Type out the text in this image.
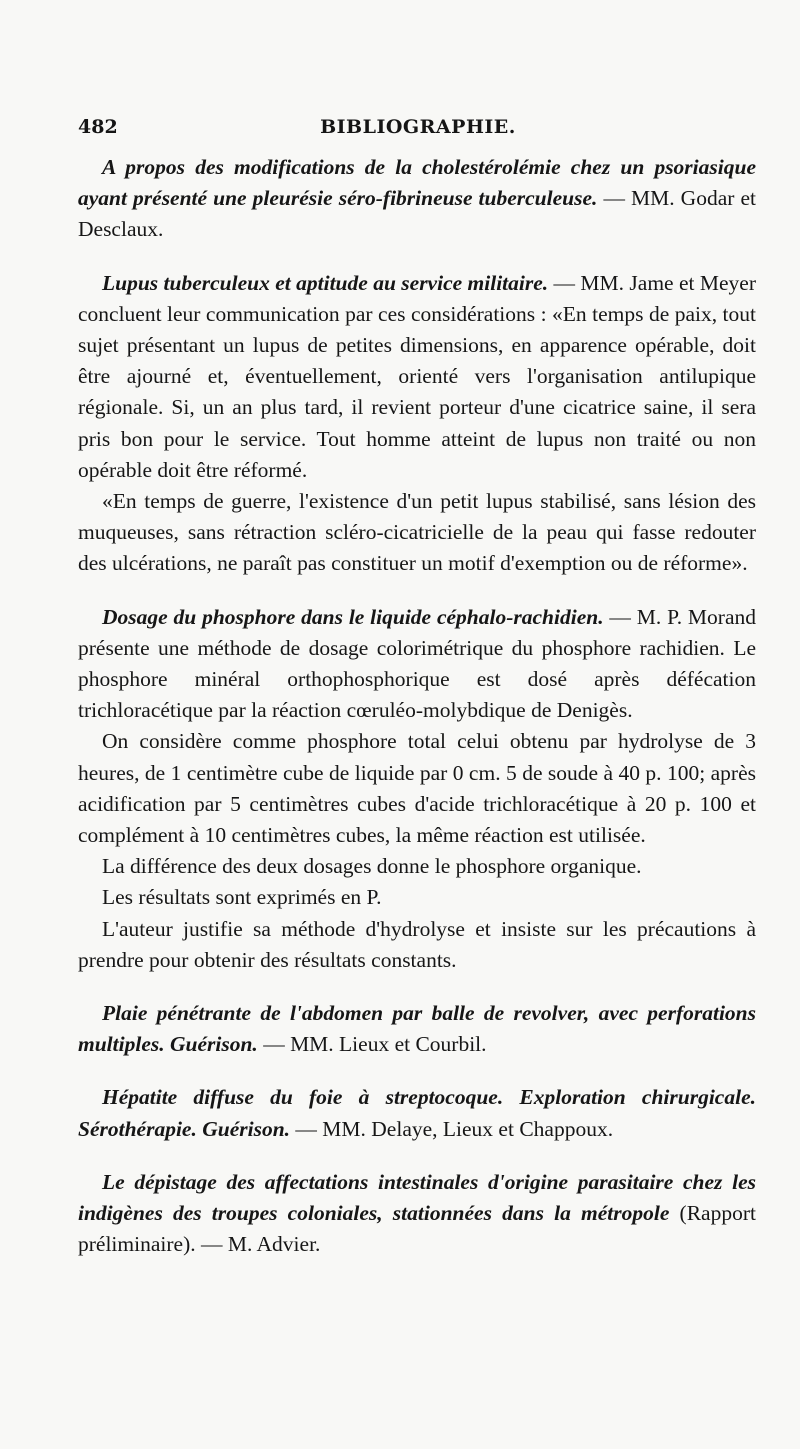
482	BIBLIOGRAPHIE.

A propos des modifications de la cholestérolémie chez un psoriasique ayant présenté une pleurésie séro-fibrineuse tuberculeuse. — MM. Godar et Desclaux.

Lupus tuberculeux et aptitude au service militaire. — MM. Jame et Meyer concluent leur communication par ces considérations : «En temps de paix, tout sujet présentant un lupus de petites dimensions, en apparence opérable, doit être ajourné et, éventuellement, orienté vers l'organisation antilupique régionale. Si, un an plus tard, il revient porteur d'une cicatrice saine, il sera pris bon pour le service. Tout homme atteint de lupus non traité ou non opérable doit être réformé.

«En temps de guerre, l'existence d'un petit lupus stabilisé, sans lésion des muqueuses, sans rétraction scléro-cicatricielle de la peau qui fasse redouter des ulcérations, ne paraît pas constituer un motif d'exemption ou de réforme».

Dosage du phosphore dans le liquide céphalo-rachidien. — M. P. Morand présente une méthode de dosage colorimétrique du phosphore rachidien. Le phosphore minéral orthophosphorique est dosé après défécation trichloracétique par la réaction cœruléo-molybdique de Denigès.

On considère comme phosphore total celui obtenu par hydrolyse de 3 heures, de 1 centimètre cube de liquide par 0 cm. 5 de soude à 40 p. 100; après acidification par 5 centimètres cubes d'acide trichloracétique à 20 p. 100 et complément à 10 centimètres cubes, la même réaction est utilisée.

La différence des deux dosages donne le phosphore organique.

Les résultats sont exprimés en P.

L'auteur justifie sa méthode d'hydrolyse et insiste sur les précautions à prendre pour obtenir des résultats constants.

Plaie pénétrante de l'abdomen par balle de revolver, avec perforations multiples. Guérison. — MM. Lieux et Courbil.

Hépatite diffuse du foie à streptocoque. Exploration chirurgicale. Sérothérapie. Guérison. — MM. Delaye, Lieux et Chappoux.

Le dépistage des affectations intestinales d'origine parasitaire chez les indigènes des troupes coloniales, stationnées dans la métropole (Rapport préliminaire). — M. Advier.
